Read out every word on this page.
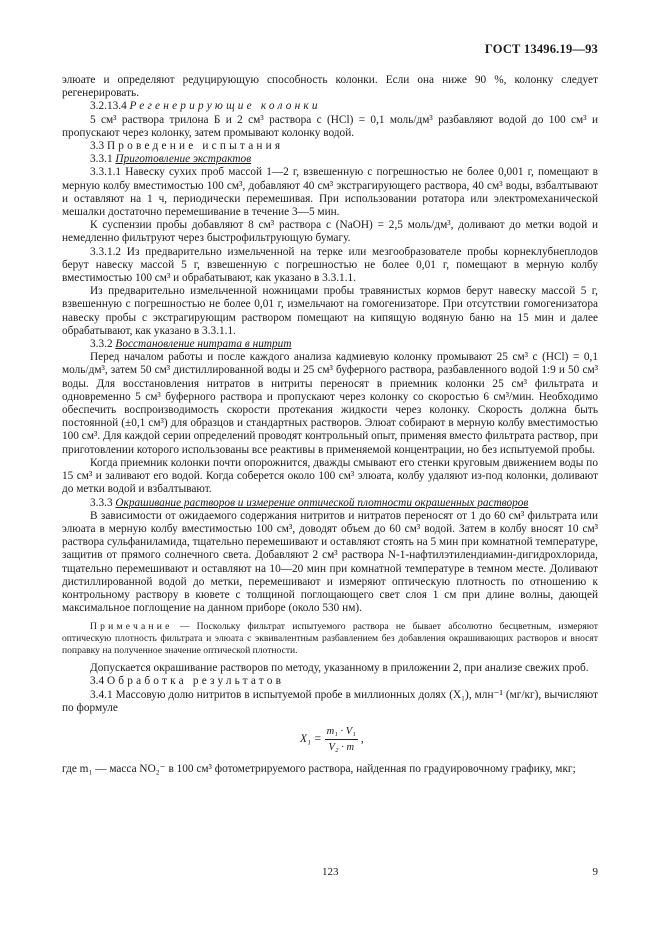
ГОСТ 13496.19—93

элюате и определяют редуцирующую способность колонки. Если она ниже 90 %, колонку следует регенерировать.

3.2.13.4 Регенерирующие колонки

5 см³ раствора трилона Б и 2 см³ раствора с (HCl) = 0,1 моль/дм³ разбавляют водой до 100 см³ и пропускают через колонку, затем промывают колонку водой.

3.3 Проведение испытания

3.3.1 Приготовление экстрактов

3.3.1.1 Навеску сухих проб массой 1—2 г, взвешенную с погрешностью не более 0,001 г, помещают в мерную колбу вместимостью 100 см³, добавляют 40 см³ экстрагирующего раствора, 40 см³ воды, взбалтывают и оставляют на 1 ч, периодически перемешивая. При использовании ротатора или электромеханической мешалки достаточно перемешивание в течение 3—5 мин.

К суспензии пробы добавляют 8 см³ раствора с (NaOH) = 2,5 моль/дм³, доливают до метки водой и немедленно фильтруют через быстрофильтрующую бумагу.

3.3.1.2 Из предварительно измельченной на терке или мезгообразователе пробы корнеклубнеплодов берут навеску массой 5 г, взвешенную с погрешностью не более 0,01 г, помещают в мерную колбу вместимостью 100 см³ и обрабатывают, как указано в 3.3.1.1.

Из предварительно измельченной ножницами пробы травянистых кормов берут навеску массой 5 г, взвешенную с погрешностью не более 0,01 г, измельчают на гомогенизаторе. При отсутствии гомогенизатора навеску пробы с экстрагирующим раствором помещают на кипящую водяную баню на 15 мин и далее обрабатывают, как указано в 3.3.1.1.

3.3.2 Восстановление нитрата в нитрит

Перед началом работы и после каждого анализа кадмиевую колонку промывают 25 см³ с (HCl) = 0,1 моль/дм³, затем 50 см³ дистиллированной воды и 25 см³ буферного раствора, разбавленного водой 1:9 и 50 см³ воды. Для восстановления нитратов в нитриты переносят в приемник колонки 25 см³ фильтрата и одновременно 5 см³ буферного раствора и пропускают через колонку со скоростью 6 см³/мин. Необходимо обеспечить воспроизводимость скорости протекания жидкости через колонку. Скорость должна быть постоянной (±0,1 см³) для образцов и стандартных растворов. Элюат собирают в мерную колбу вместимостью 100 см³. Для каждой серии определений проводят контрольный опыт, применяя вместо фильтрата раствор, при приготовлении которого использованы все реактивы в применяемой концентрации, но без испытуемой пробы.

Когда приемник колонки почти опорожнится, дважды смывают его стенки круговым движением воды по 15 см³ и заливают его водой. Когда соберется около 100 см³ элюата, колбу удаляют из-под колонки, доливают до метки водой и взбалтывают.

3.3.3 Окрашивание растворов и измерение оптической плотности окрашенных растворов

В зависимости от ожидаемого содержания нитритов и нитратов переносят от 1 до 60 см³ фильтрата или элюата в мерную колбу вместимостью 100 см³, доводят объем до 60 см³ водой. Затем в колбу вносят 10 см³ раствора сульфаниламида, тщательно перемешивают и оставляют стоять на 5 мин при комнатной температуре, защитив от прямого солнечного света. Добавляют 2 см³ раствора N-1-нафтилэтилендиамин-дигидрохлорида, тщательно перемешивают и оставляют на 10—20 мин при комнатной температуре в темном месте. Доливают дистиллированной водой до метки, перемешивают и измеряют оптическую плотность по отношению к контрольному раствору в кювете с толщиной поглощающего свет слоя 1 см при длине волны, дающей максимальное поглощение на данном приборе (около 530 нм).

Примечание — Поскольку фильтрат испытуемого раствора не бывает абсолютно бесцветным, измеряют оптическую плотность фильтрата и элюата с эквивалентным разбавлением без добавления окрашивающих растворов и вносят поправку на полученное значение оптической плотности.

Допускается окрашивание растворов по методу, указанному в приложении 2, при анализе свежих проб.

3.4 Обработка результатов

3.4.1 Массовую долю нитритов в испытуемой пробе в миллионных долях (X₁), млн⁻¹ (мг/кг), вычисляют по формуле

$X_1 = \frac{\text{m₁ · V₁}}{\text{V₂ · m}}$ ,

где m₁ — масса NO₂⁻ в 100 см³ фотометрируемого раствора, найденная по градуировочному графику, мкг;

123	9
